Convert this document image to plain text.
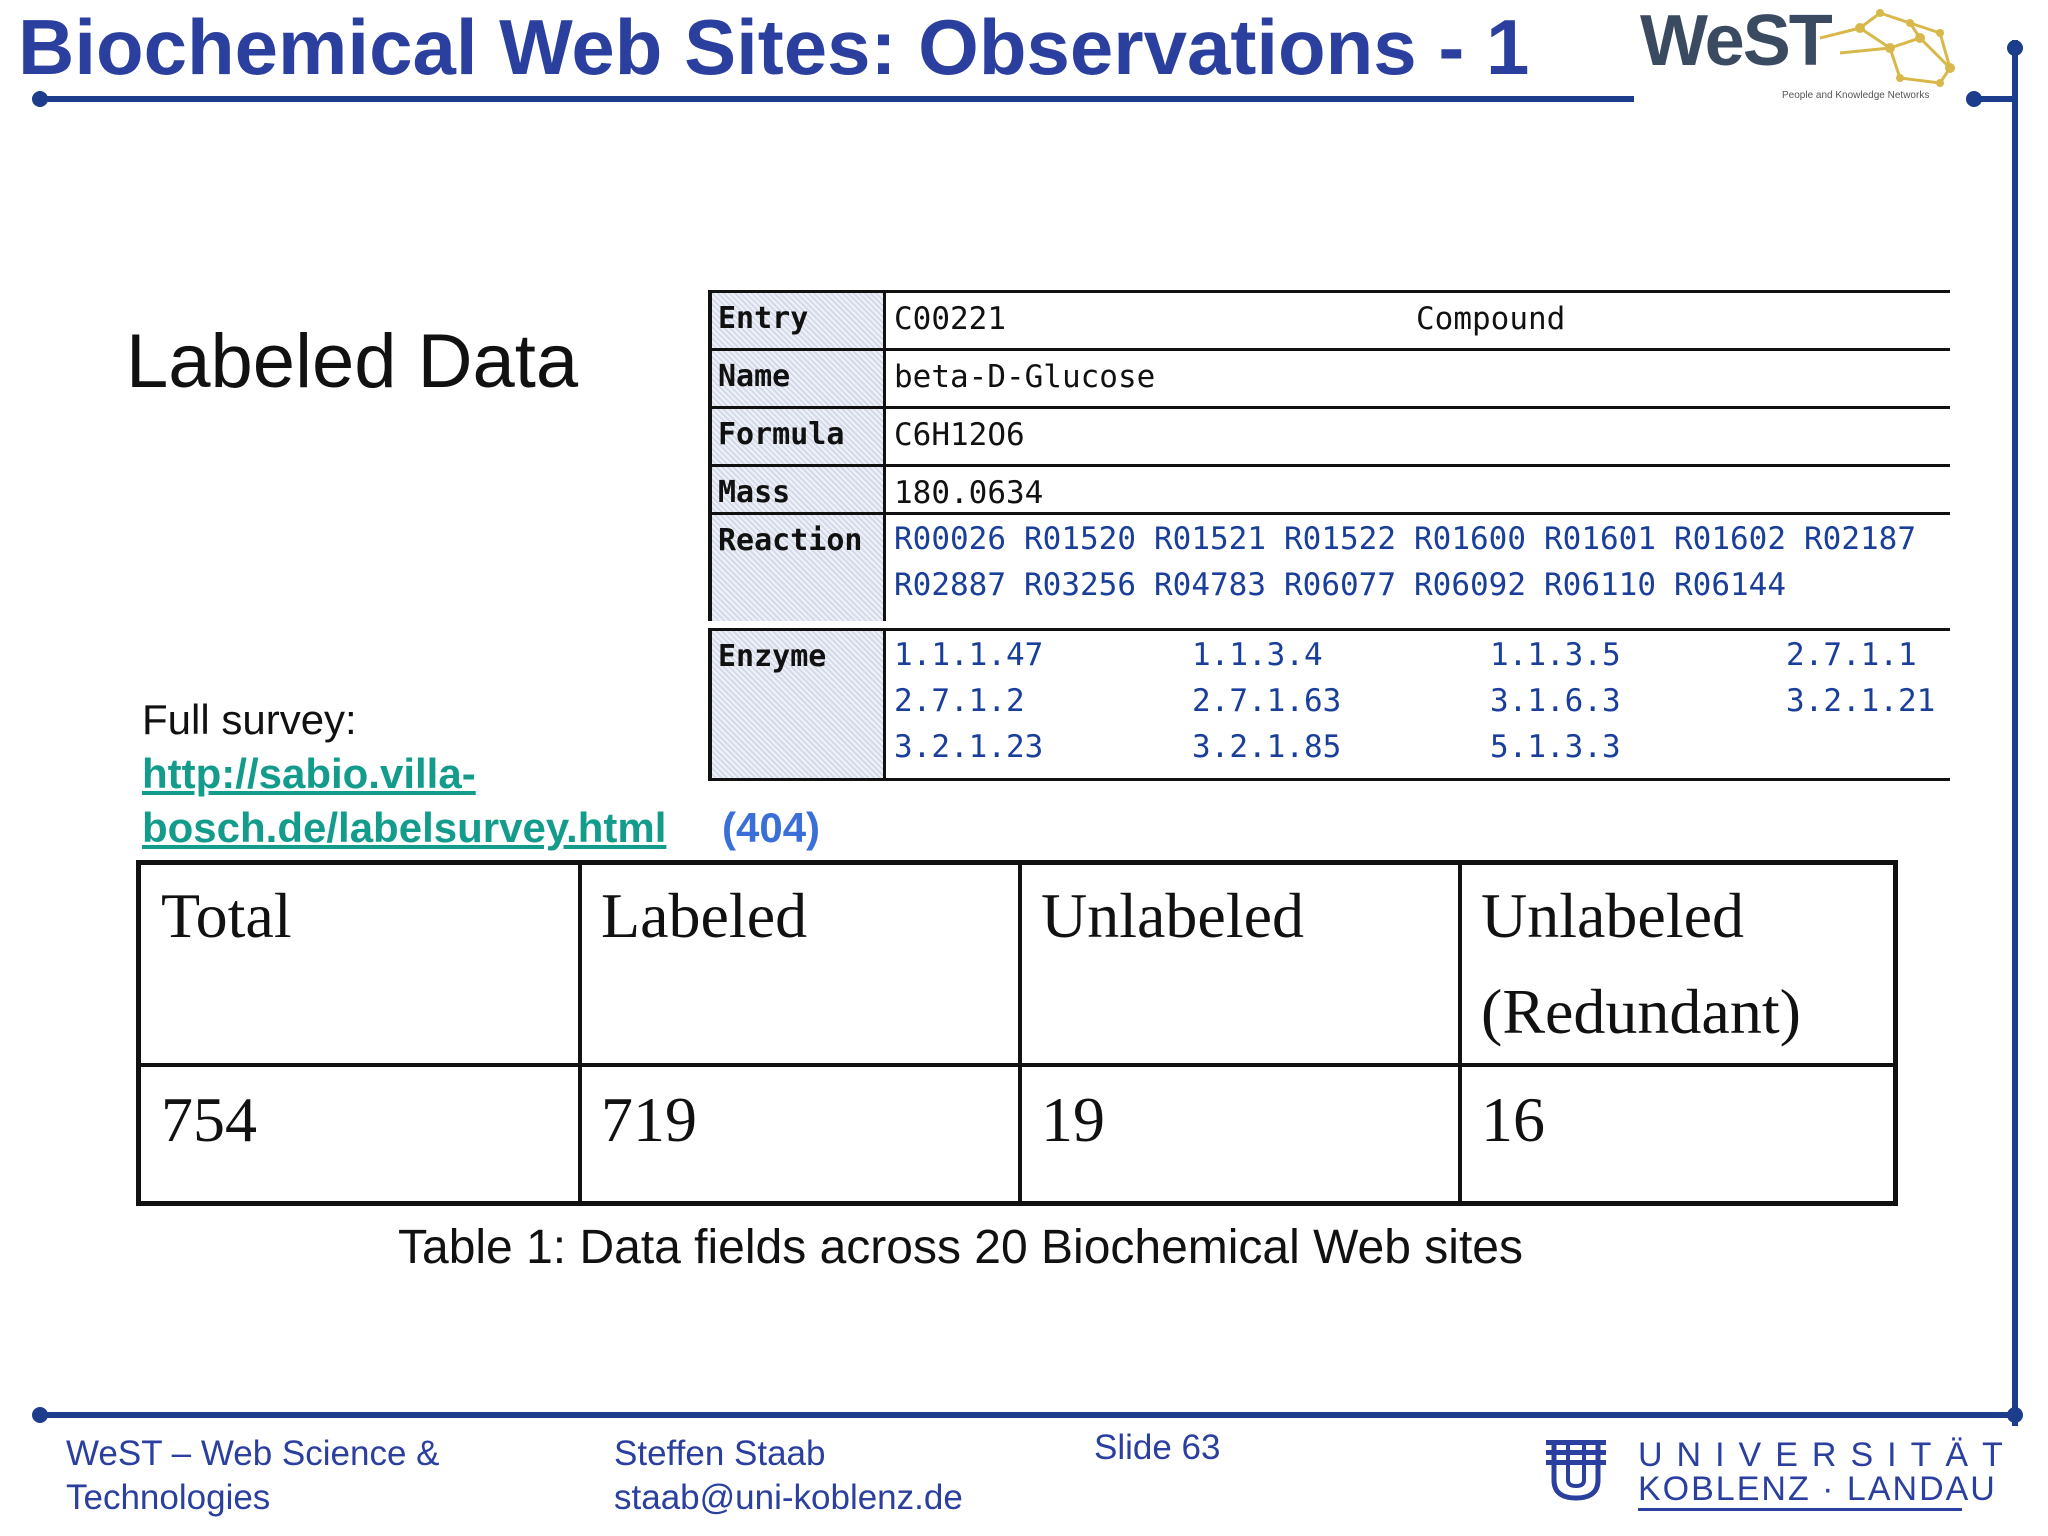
Biochemical Web Sites: Observations - 1 WeST
People and Knowledge Networks
Labeled Data
Entry	C00221	Compound
Name	beta-D-Glucose
Formula	C6H12O6
Mass	180.0634
Reaction	R00026 R01520 R01521 R01522 R01600 R01601 R01602 R02187
R02887 R03256 R04783 R06077 R06092 R06110 R06144
Enzyme	1.1.1.47	1.1.3.4	1.1.3.5	2.7.1.1
2.7.1.2	2.7.1.63	3.1.6.3	3.2.1.21
3.2.1.23	3.2.1.85	5.1.3.3
Full survey:
http://sabio.villa-
bosch.de/labelsurvey.html (404)
Total	Labeled	Unlabeled	Unlabeled
(Redundant)
754	719	19	16
Table 1: Data fields across 20 Biochemical Web sites
WeST – Web Science &
Technologies
Steffen Staab
staab@uni-koblenz.de
Slide 63	UNIVERSITÄT
KOBLENZ · LANDAU
